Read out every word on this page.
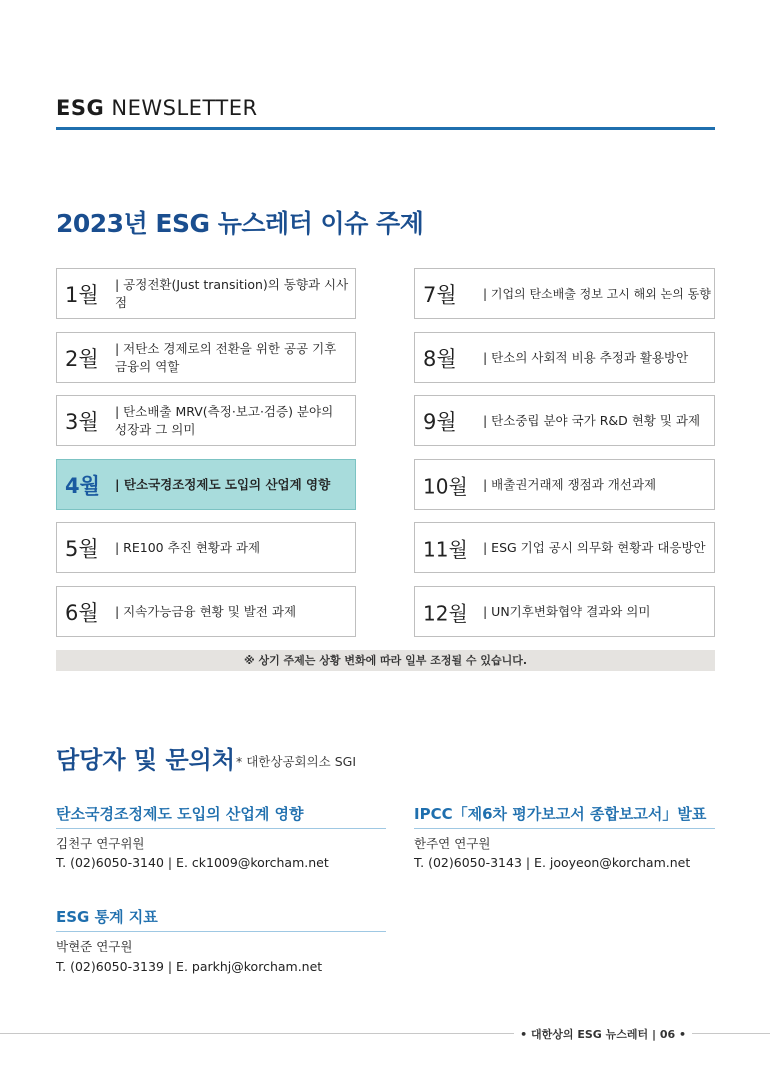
ESG NEWSLETTER
2023년 ESG 뉴스레터 이슈 주제
1월 | 공정전환(Just transition)의 동향과 시사점
2월 | 저탄소 경제로의 전환을 위한 공공 기후
금융의 역할
3월 | 탄소배출 MRV(측정·보고·검증) 분야의
성장과 그 의미
4월 | 탄소국경조정제도 도입의 산업계 영향
5월 | RE100 추진 현황과 과제
6월 | 지속가능금융 현황 및 발전 과제
7월 | 기업의 탄소배출 정보 고시 해외 논의 동향
8월 | 탄소의 사회적 비용 추정과 활용방안
9월 | 탄소중립 분야 국가 R&D 현황 및 과제
10월 | 배출권거래제 쟁점과 개선과제
11월 | ESG 기업 공시 의무화 현황과 대응방안
12월 | UN기후변화협약 결과와 의미
※ 상기 주제는 상황 변화에 따라 일부 조정될 수 있습니다.
담당자 및 문의처 * 대한상공회의소 SGI
탄소국경조정제도 도입의 산업계 영향
김천구 연구위원
T. (02)6050-3140 | E. ck1009@korcham.net
IPCC「제6차 평가보고서 종합보고서」발표
한주연 연구원
T. (02)6050-3143 | E. jooyeon@korcham.net
ESG 통계 지표
박현준 연구원
T. (02)6050-3139 | E. parkhj@korcham.net
• 대한상의 ESG 뉴스레터 | 06 •
